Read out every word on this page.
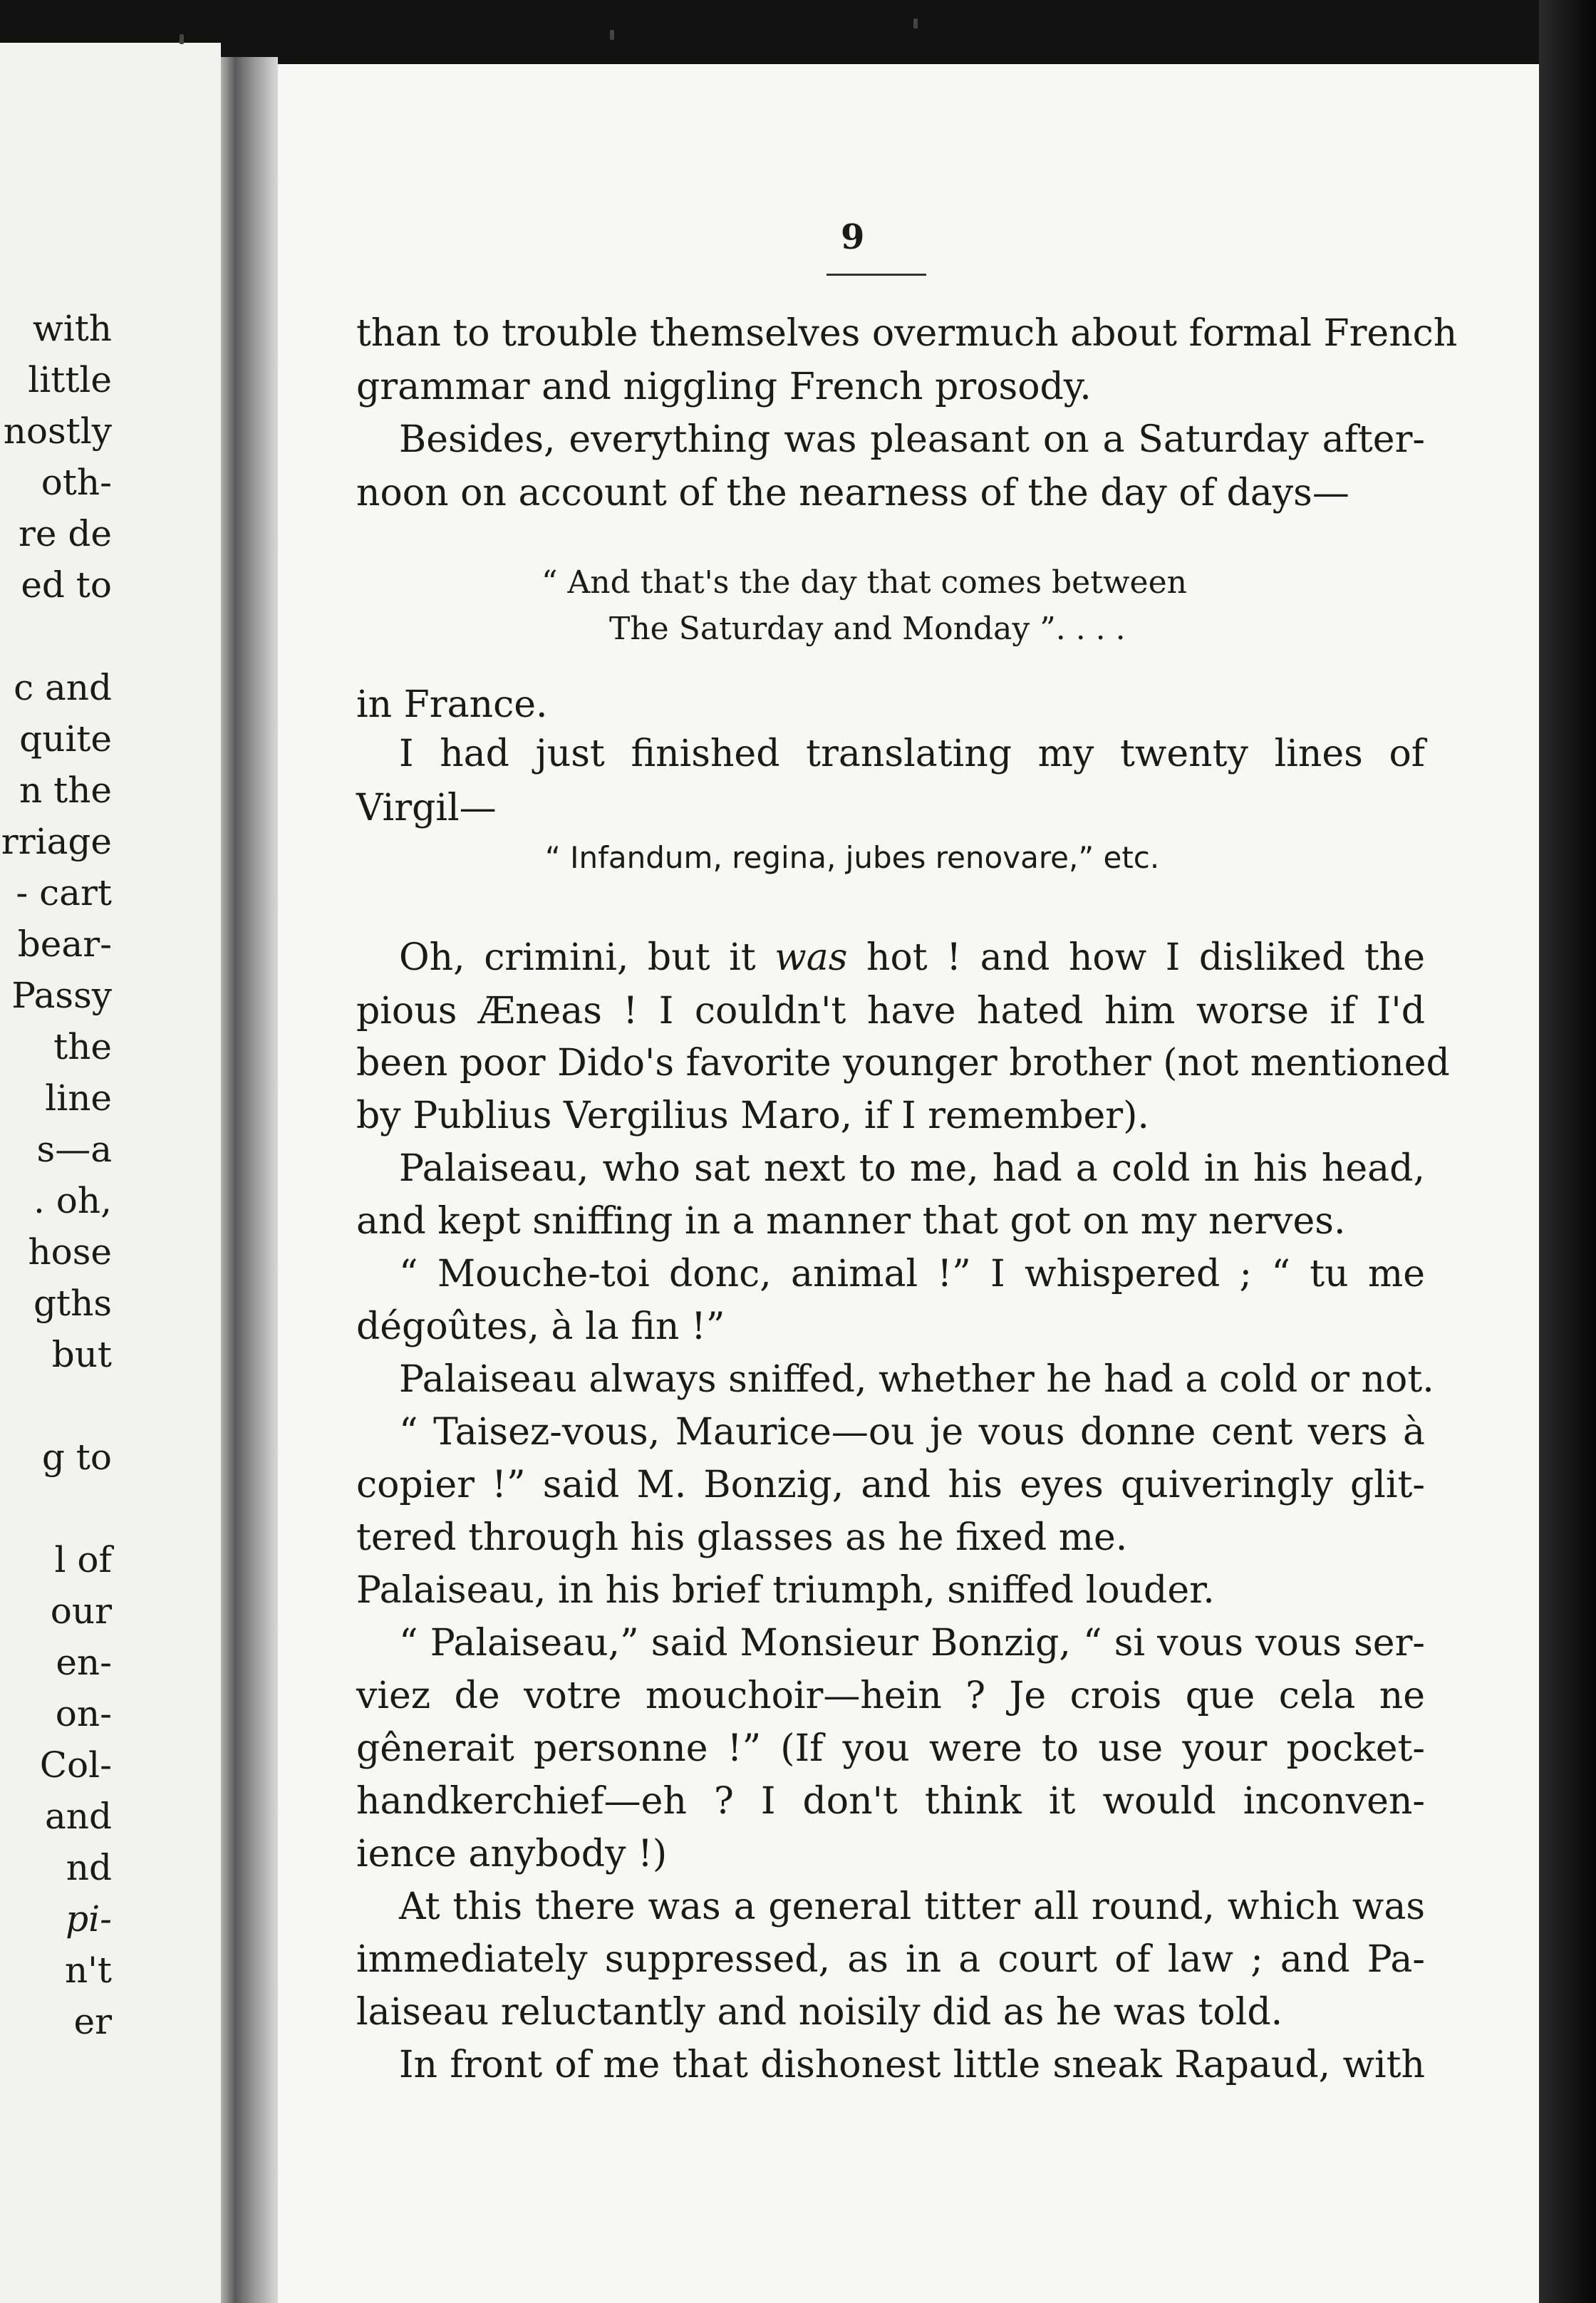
with
little
nostly
oth-
re de
ed to
c and
quite
n the
rriage
- cart
bear-
Passy
the
line
s—a
. oh,
hose
gths
but
g to
l of
our
en-
on-
Col-
and
nd
pi-
n't
er
9
than to trouble themselves overmuch about formal French
grammar and niggling French prosody.
Besides, everything was pleasant on a Saturday after-
noon on account of the nearness of the day of days—
“ And that's the day that comes between
The Saturday and Monday ”. . . .
in France.
I had just finished translating my twenty lines of
Virgil—
“ Infandum, regina, jubes renovare,” etc.
Oh, crimini, but it was hot ! and how I disliked the
pious Æneas ! I couldn't have hated him worse if I'd
been poor Dido's favorite younger brother (not mentioned
by Publius Vergilius Maro, if I remember).
Palaiseau, who sat next to me, had a cold in his head,
and kept sniffing in a manner that got on my nerves.
“ Mouche-toi donc, animal !” I whispered ; “ tu me
dégoûtes, à la fin !”
Palaiseau always sniffed, whether he had a cold or not.
“ Taisez-vous, Maurice—ou je vous donne cent vers à
copier !” said M. Bonzig, and his eyes quiveringly glit-
tered through his glasses as he fixed me.
Palaiseau, in his brief triumph, sniffed louder.
“ Palaiseau,” said Monsieur Bonzig, “ si vous vous ser-
viez de votre mouchoir—hein ? Je crois que cela ne
gênerait personne !” (If you were to use your pocket-
handkerchief—eh ? I don't think it would inconven-
ience anybody !)
At this there was a general titter all round, which was
immediately suppressed, as in a court of law ; and Pa-
laiseau reluctantly and noisily did as he was told.
In front of me that dishonest little sneak Rapaud, with
